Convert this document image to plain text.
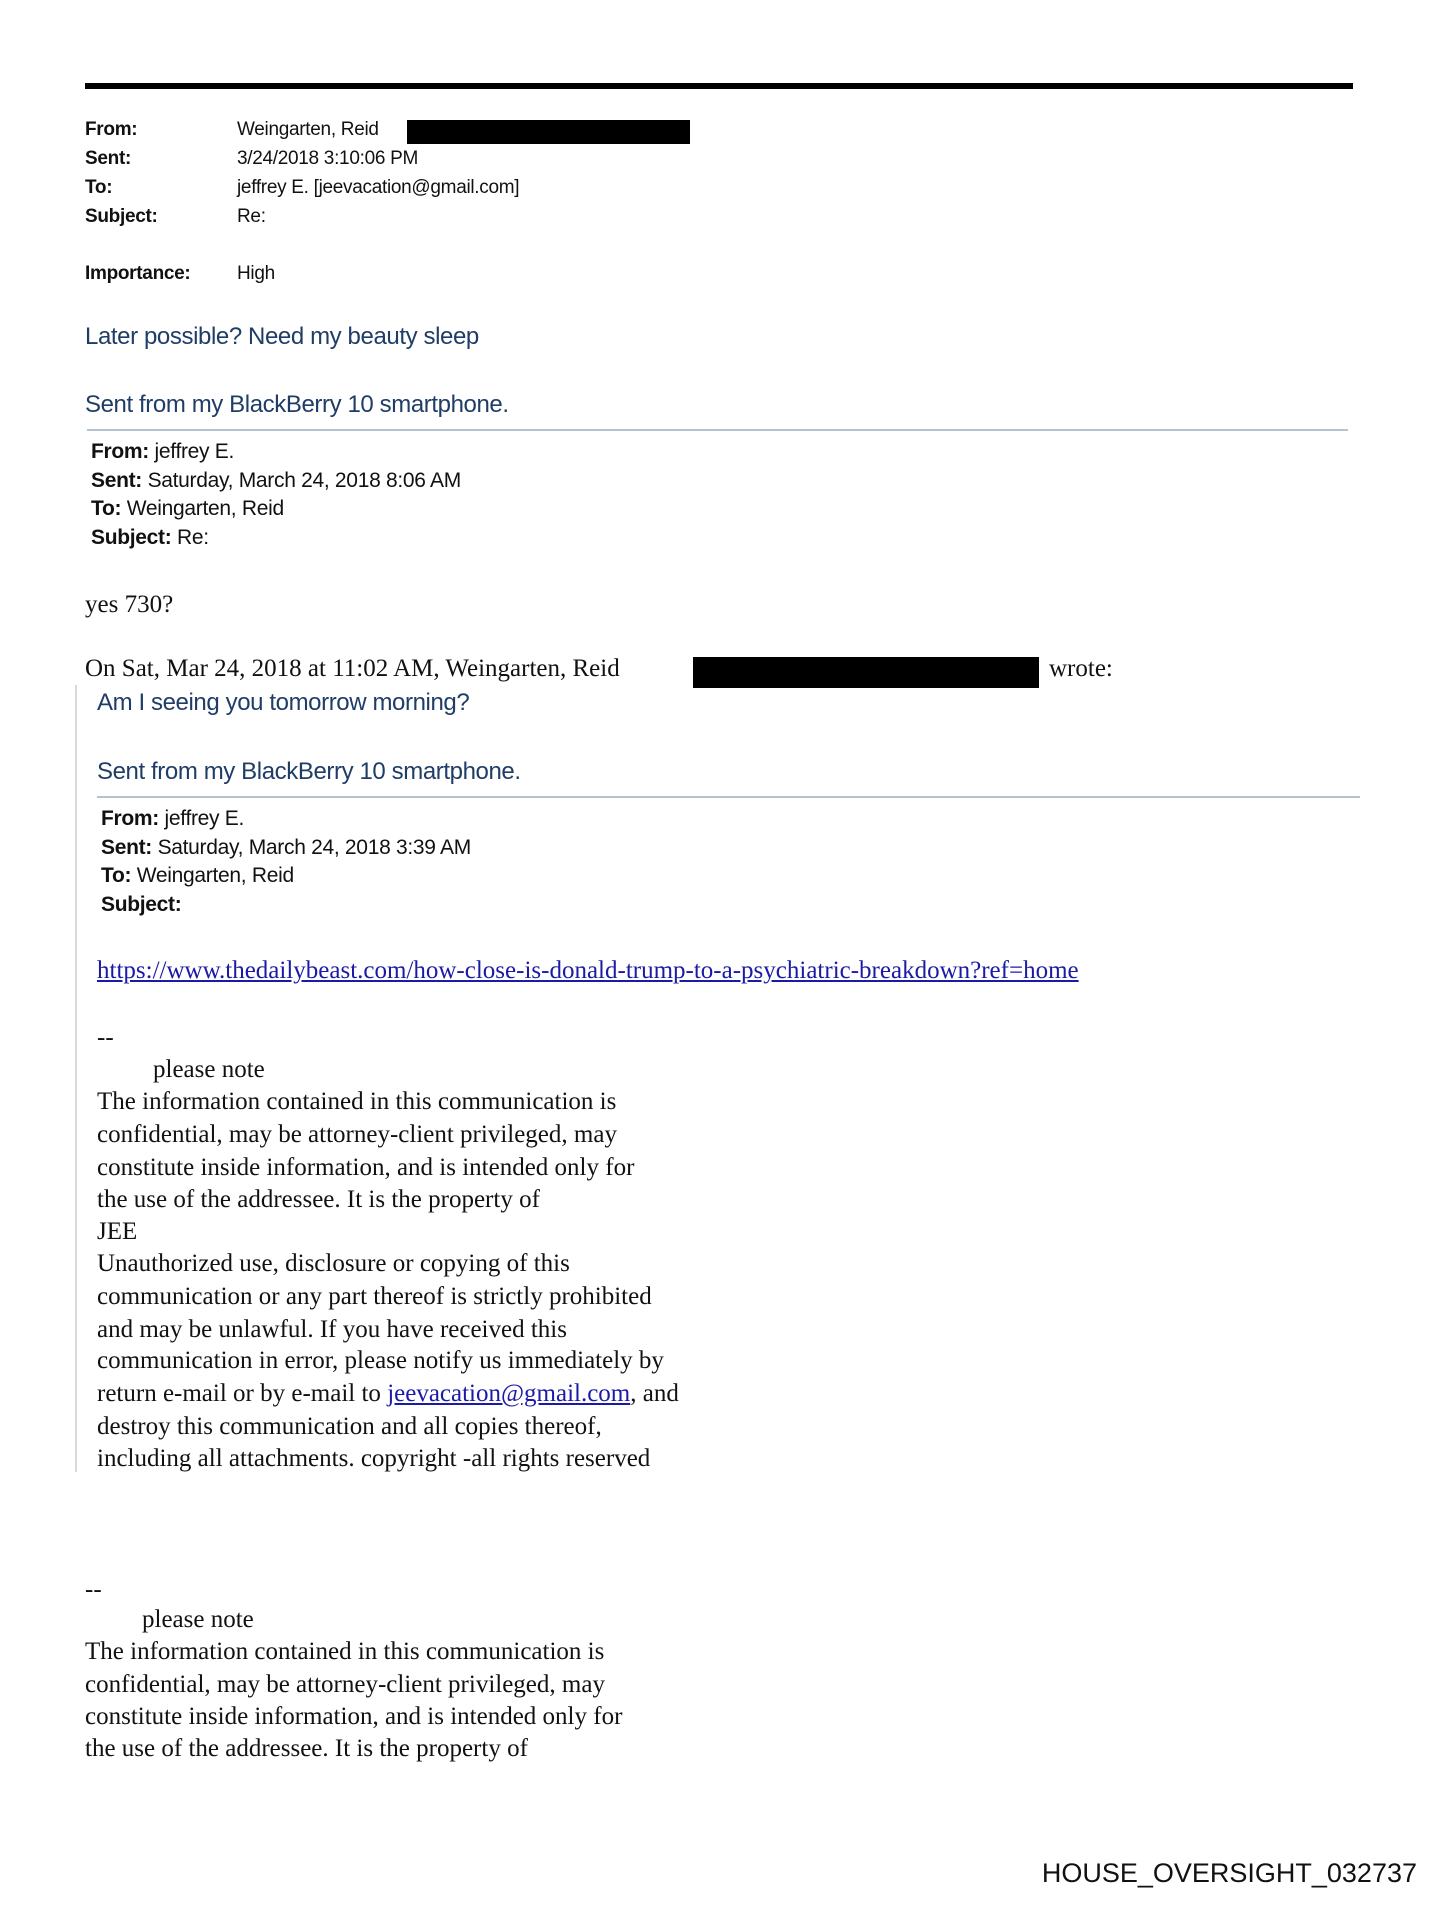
From:	Weingarten, Reid
Sent:	3/24/2018 3:10:06 PM
To:	jeffrey E. [jeevacation@gmail.com]
Subject:	Re:
Importance: High
Later possible? Need my beauty sleep
Sent from my BlackBerry 10 smartphone.
From: jeffrey E.
Sent: Saturday, March 24, 2018 8:06 AM
To: Weingarten, Reid
Subject: Re:
yes 730?
On Sat, Mar 24, 2018 at 11:02 AM, Weingarten, Reid	wrote:
Am I seeing you tomorrow morning?
Sent from my BlackBerry 10 smartphone.
From: jeffrey E.
Sent: Saturday, March 24, 2018 3:39 AM
To: Weingarten, Reid
Subject:
https://www.thedailybeast.com/how-close-is-donald-trump-to-a-psychiatric-breakdown?ref=home
--
please note
The information contained in this communication is
confidential, may be attorney-client privileged, may
constitute inside information, and is intended only for
the use of the addressee. It is the property of
JEE
Unauthorized use, disclosure or copying of this
communication or any part thereof is strictly prohibited
and may be unlawful. If you have received this
communication in error, please notify us immediately by
return e-mail or by e-mail to jeevacation@gmail.com, and
destroy this communication and all copies thereof,
including all attachments. copyright -all rights reserved
--
please note
The information contained in this communication is
confidential, may be attorney-client privileged, may
constitute inside information, and is intended only for
the use of the addressee. It is the property of
HOUSE_OVERSIGHT_032737
